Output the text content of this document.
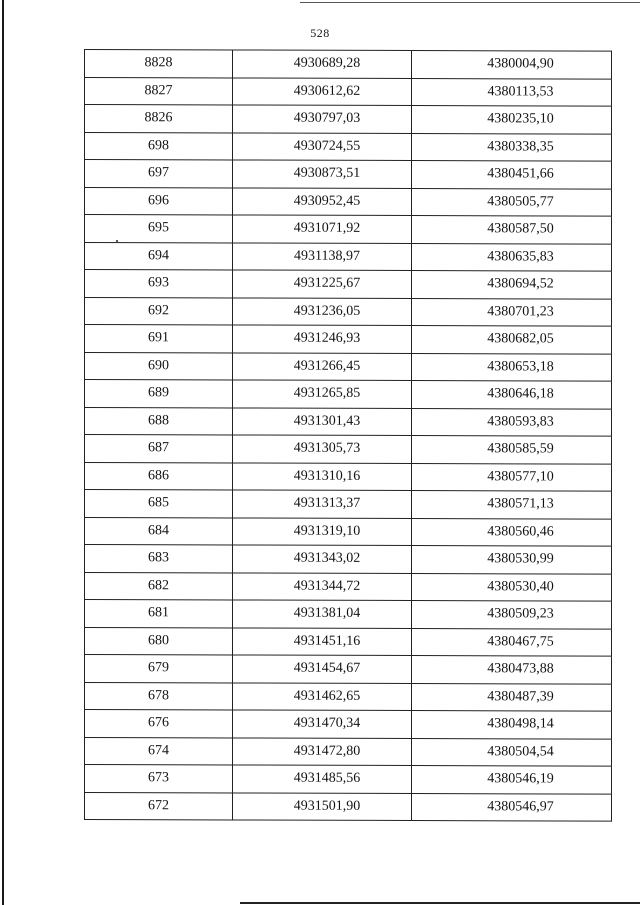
528
8828	4930689,28	4380004,90
8827	4930612,62	4380113,53
8826	4930797,03	4380235,10
698	4930724,55	4380338,35
697	4930873,51	4380451,66
696	4930952,45	4380505,77
695	4931071,92	4380587,50
694	4931138,97	4380635,83
693	4931225,67	4380694,52
692	4931236,05	4380701,23
691	4931246,93	4380682,05
690	4931266,45	4380653,18
689	4931265,85	4380646,18
688	4931301,43	4380593,83
687	4931305,73	4380585,59
686	4931310,16	4380577,10
685	4931313,37	4380571,13
684	4931319,10	4380560,46
683	4931343,02	4380530,99
682	4931344,72	4380530,40
681	4931381,04	4380509,23
680	4931451,16	4380467,75
679	4931454,67	4380473,88
678	4931462,65	4380487,39
676	4931470,34	4380498,14
674	4931472,80	4380504,54
673	4931485,56	4380546,19
672	4931501,90	4380546,97
